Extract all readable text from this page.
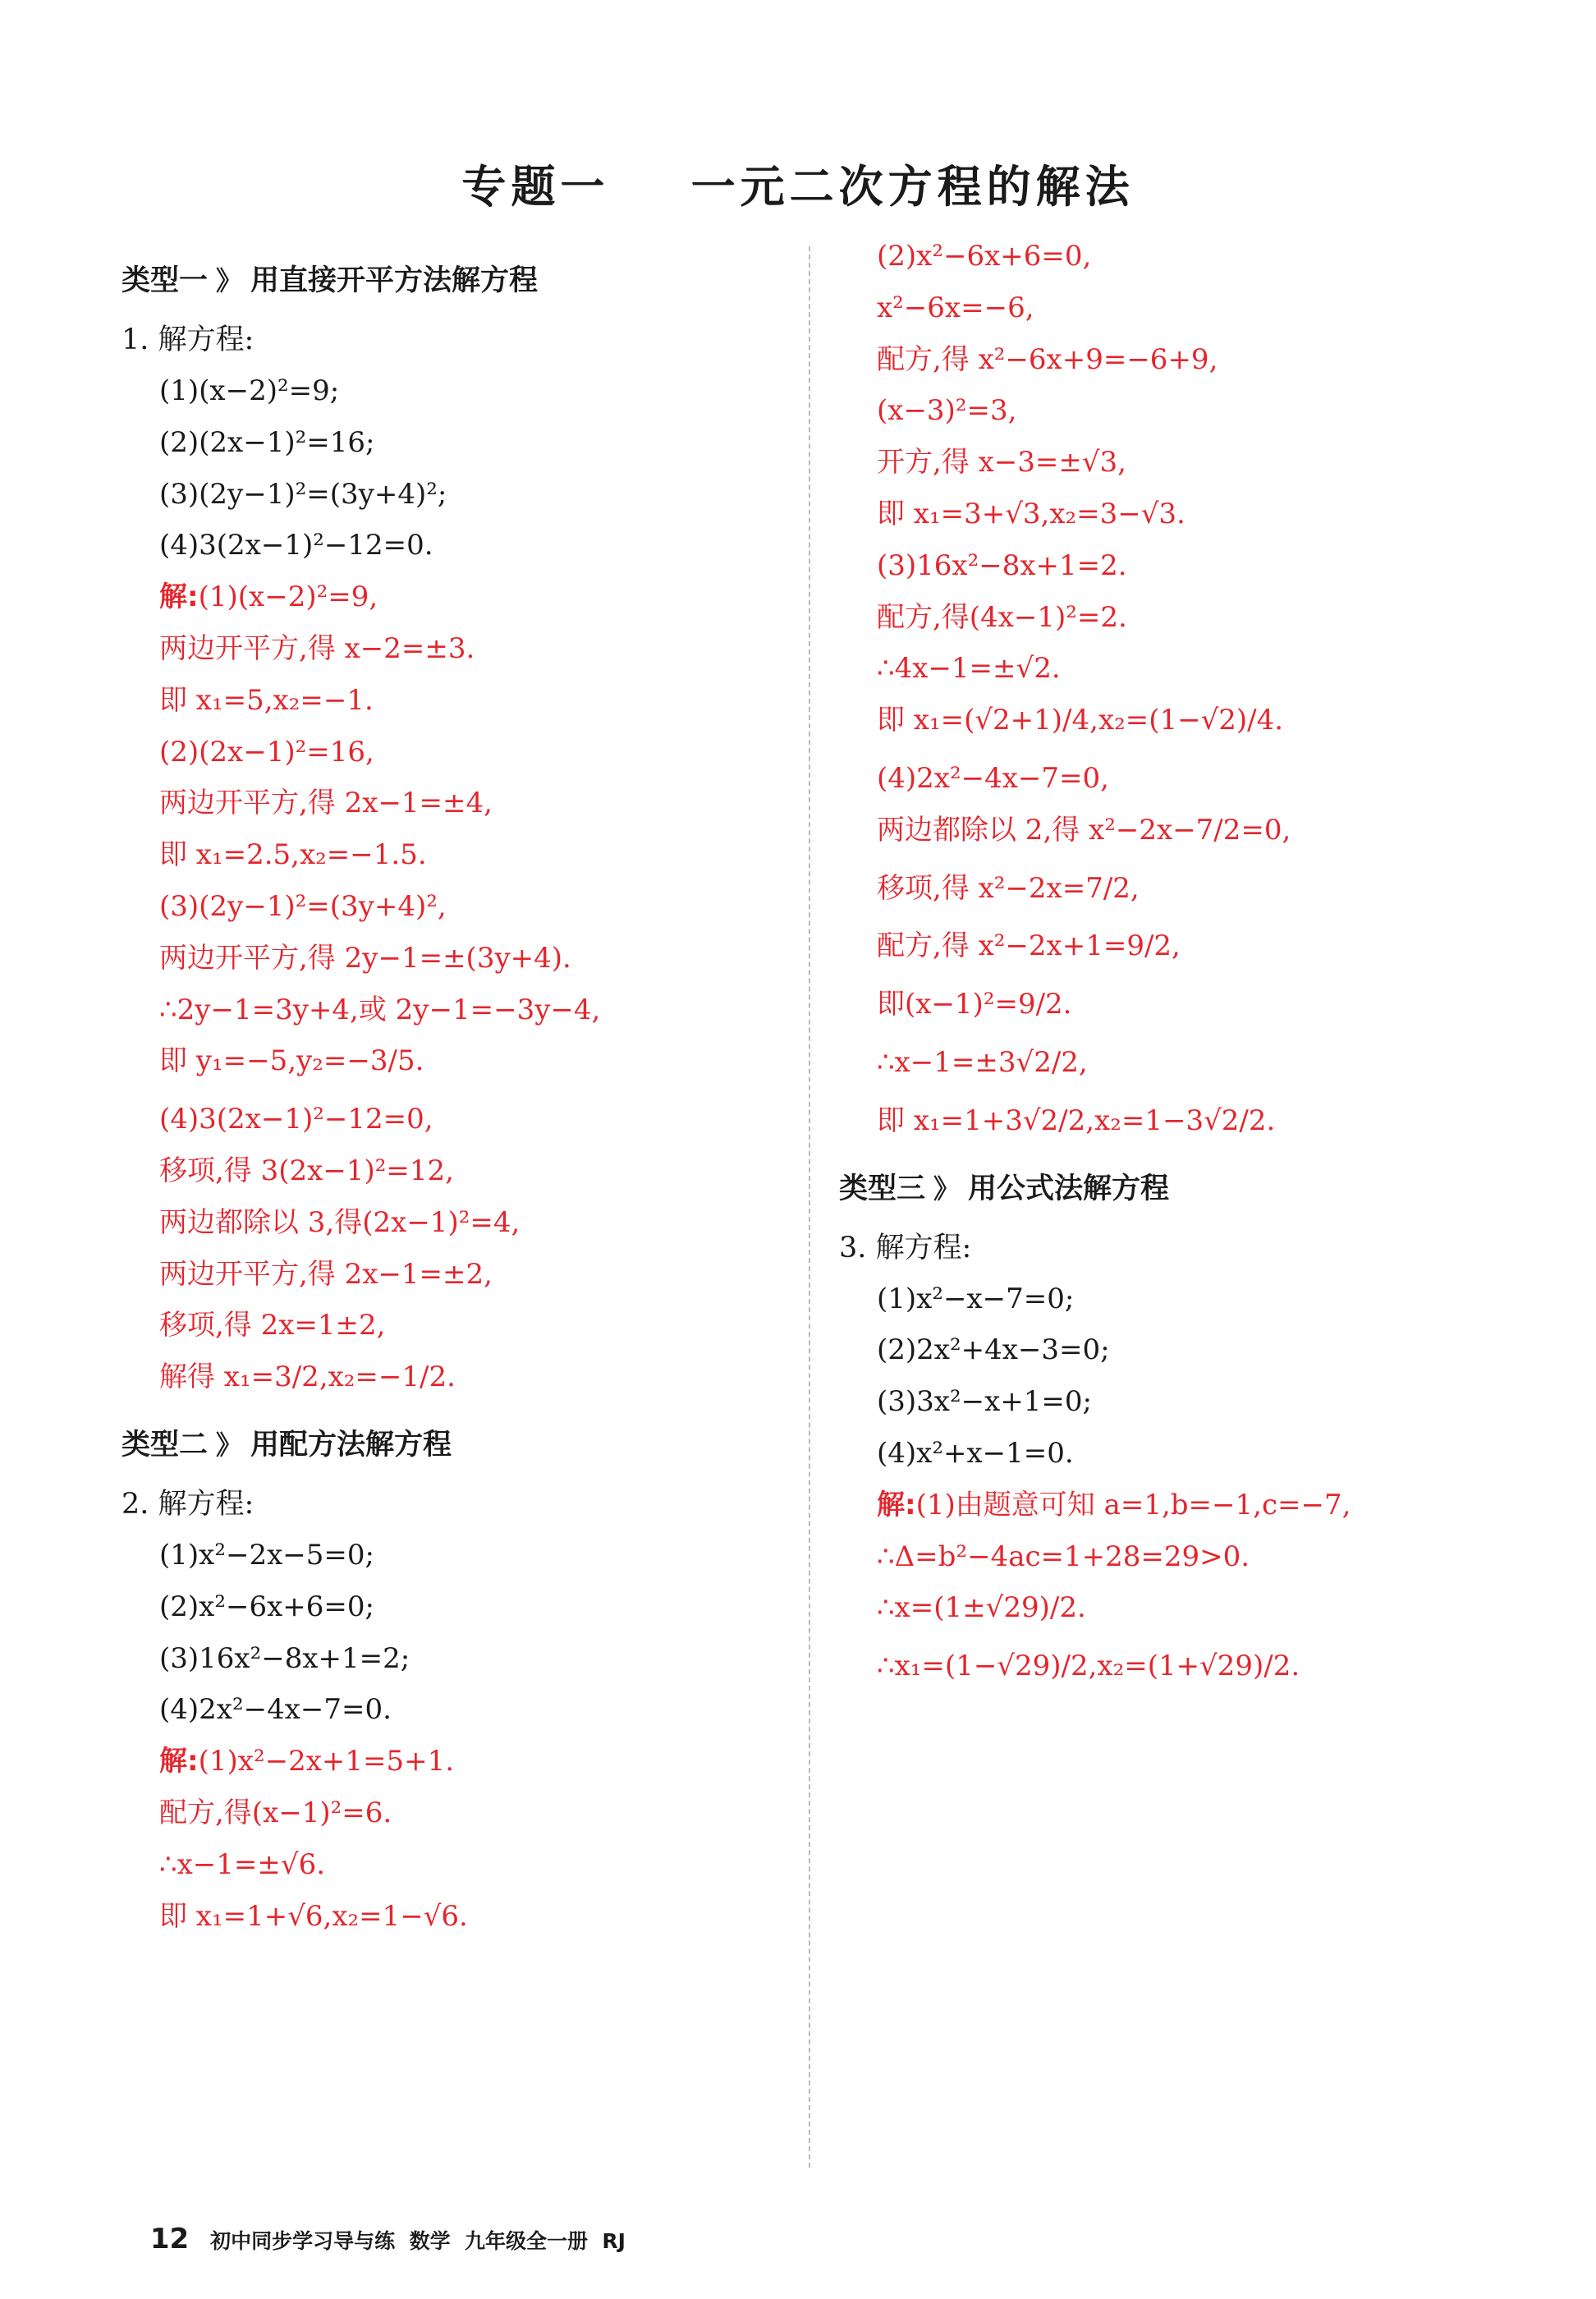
专题一    一元二次方程的解法
类型一 》 用直接开平方法解方程
1. 解方程:
(1)(x−2)²=9;
(2)(2x−1)²=16;
(3)(2y−1)²=(3y+4)²;
(4)3(2x−1)²−12=0.
解:(1)(x−2)²=9,
两边开平方,得 x−2=±3.
即 x₁=5,x₂=−1.
(2)(2x−1)²=16,
两边开平方,得 2x−1=±4,
即 x₁=2.5,x₂=−1.5.
(3)(2y−1)²=(3y+4)²,
两边开平方,得 2y−1=±(3y+4).
∴2y−1=3y+4,或 2y−1=−3y−4,
即 y₁=−5,y₂=−3/5.
(4)3(2x−1)²−12=0,
移项,得 3(2x−1)²=12,
两边都除以 3,得(2x−1)²=4,
两边开平方,得 2x−1=±2,
移项,得 2x=1±2,
解得 x₁=3/2,x₂=−1/2.
类型二 》 用配方法解方程
2. 解方程:
(1)x²−2x−5=0;
(2)x²−6x+6=0;
(3)16x²−8x+1=2;
(4)2x²−4x−7=0.
解:(1)x²−2x+1=5+1.
配方,得(x−1)²=6.
∴x−1=±√6.
即 x₁=1+√6,x₂=1−√6.
(2)x²−6x+6=0,
x²−6x=−6,
配方,得 x²−6x+9=−6+9,
(x−3)²=3,
开方,得 x−3=±√3,
即 x₁=3+√3,x₂=3−√3.
(3)16x²−8x+1=2.
配方,得(4x−1)²=2.
∴4x−1=±√2.
即 x₁=(√2+1)/4,x₂=(1−√2)/4.
(4)2x²−4x−7=0,
两边都除以 2,得 x²−2x−7/2=0,
移项,得 x²−2x=7/2,
配方,得 x²−2x+1=9/2,
即(x−1)²=9/2.
∴x−1=±3√2/2,
即 x₁=1+3√2/2,x₂=1−3√2/2.
类型三 》 用公式法解方程
3. 解方程:
(1)x²−x−7=0;
(2)2x²+4x−3=0;
(3)3x²−x+1=0;
(4)x²+x−1=0.
解:(1)由题意可知 a=1,b=−1,c=−7,
∴Δ=b²−4ac=1+28=29>0.
∴x=(1±√29)/2.
∴x₁=(1−√29)/2,x₂=(1+√29)/2.

12 初中同步学习导与练  数学  九年级全一册  RJ
